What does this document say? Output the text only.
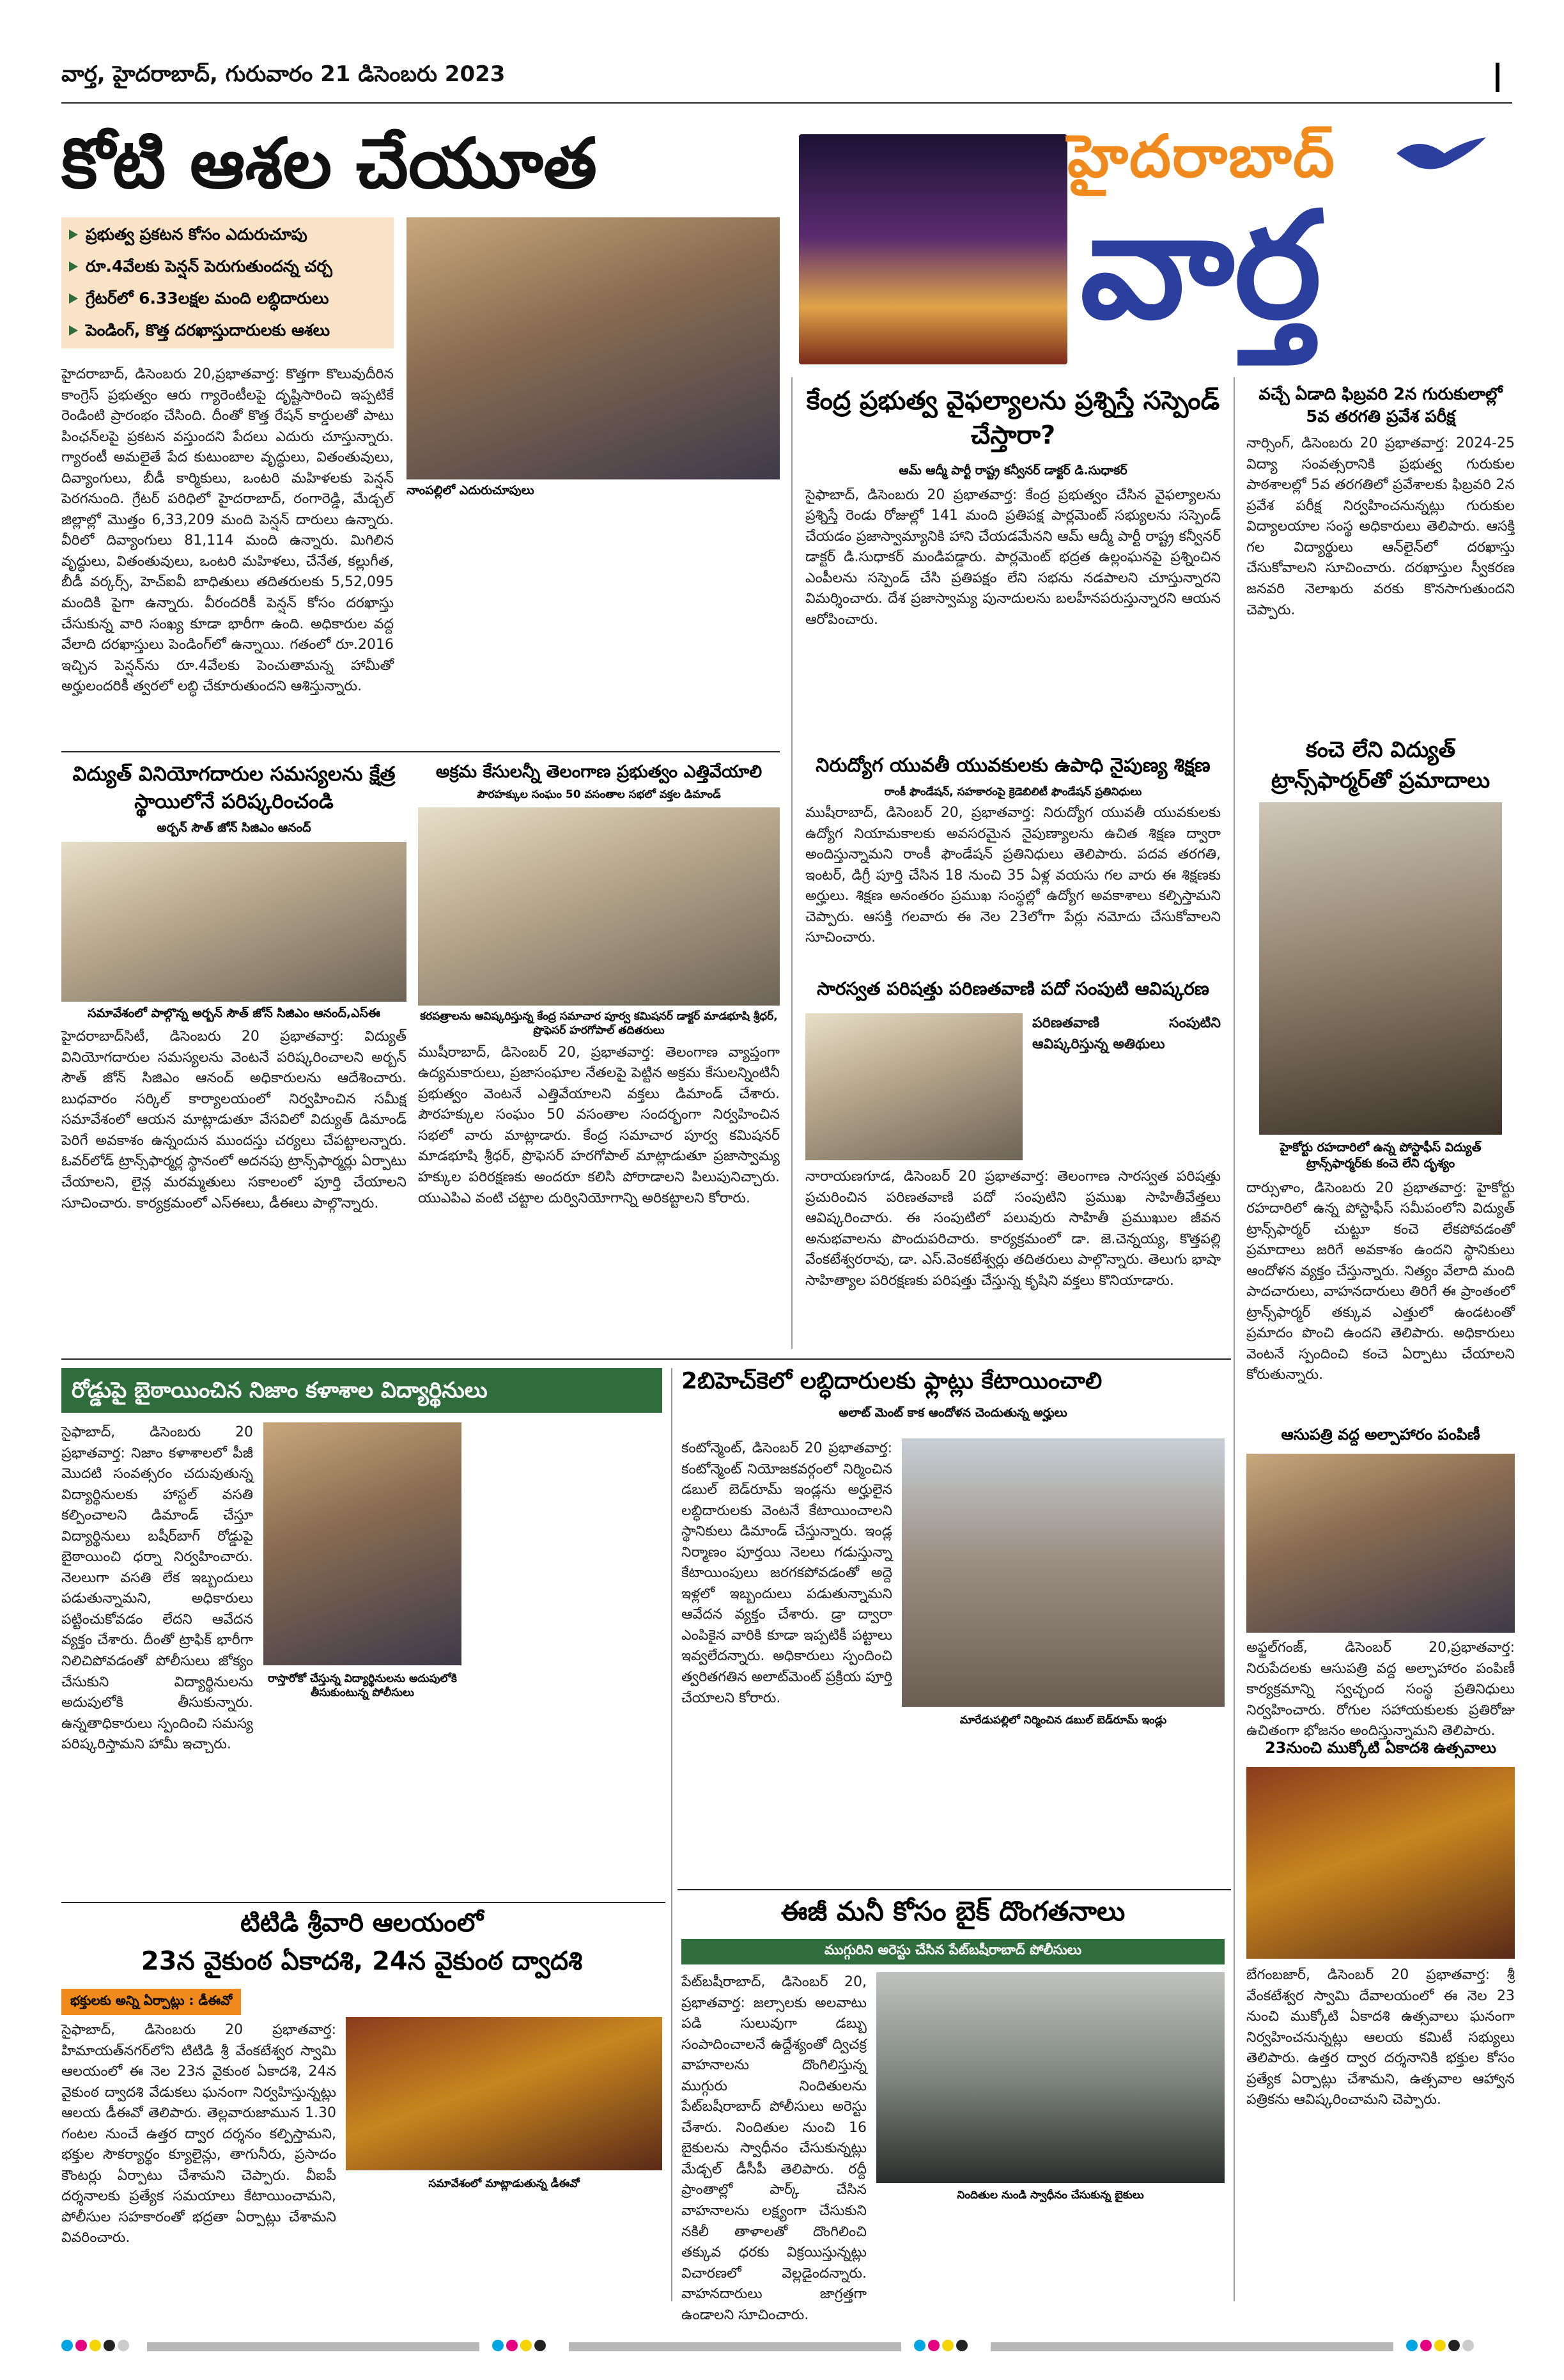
వార్త, హైదరాబాద్, గురువారం 21 డిసెంబరు 2023
హైదరాబాద్
వార్త
కోటి ఆశల చేయూత
ప్రభుత్వ ప్రకటన కోసం ఎదురుచూపు
రూ.4వేలకు పెన్షన్ పెరుగుతుందన్న చర్చ
గ్రేటర్‌లో 6.33లక్షల మంది లబ్ధిదారులు
పెండింగ్, కొత్త దరఖాస్తుదారులకు ఆశలు
నాంపల్లిలో ఎదురుచూపులు
హైదరాబాద్, డిసెంబరు 20,ప్రభాతవార్త: కొత్తగా కొలువుదీరిన కాంగ్రెస్ ప్రభుత్వం ఆరు గ్యారెంటీలపై దృష్టిసారించి ఇప్పటికే రెండింటి ప్రారంభం చేసింది. దీంతో కొత్త రేషన్ కార్డులతో పాటు పింఛన్‌లపై ప్రకటన వస్తుందని పేదలు ఎదురు చూస్తున్నారు. గ్యారంటీ అమలైతే పేద కుటుంబాల వృద్ధులు, వితంతువులు, దివ్యాంగులు, బీడీ కార్మికులు, ఒంటరి మహిళలకు పెన్షన్ పెరగనుంది. గ్రేటర్ పరిధిలో హైదరాబాద్, రంగారెడ్డి, మేడ్చల్ జిల్లాల్లో మొత్తం 6,33,209 మంది పెన్షన్ దారులు ఉన్నారు. వీరిలో దివ్యాంగులు 81,114 మంది ఉన్నారు. మిగిలిన వృద్ధులు, వితంతువులు, ఒంటరి మహిళలు, చేనేత, కల్లుగీత, బీడీ వర్కర్స్, హెచ్ఐవీ బాధితులు తదితరులకు 5,52,095 మందికి పైగా ఉన్నారు. వీరందరికీ పెన్షన్ కోసం దరఖాస్తు చేసుకున్న వారి సంఖ్య కూడా భారీగా ఉంది. అధికారుల వద్ద వేలాది దరఖాస్తులు పెండింగ్‌లో ఉన్నాయి. గతంలో రూ.2016 ఇచ్చిన పెన్షన్‌ను రూ.4వేలకు పెంచుతామన్న హామీతో అర్హులందరికీ త్వరలో లబ్ధి చేకూరుతుందని ఆశిస్తున్నారు.
కేంద్ర ప్రభుత్వ వైఫల్యాలను ప్రశ్నిస్తే సస్పెండ్ చేస్తారా?
ఆమ్ ఆద్మీ పార్టీ రాష్ట్ర కన్వీనర్ డాక్టర్ డి.సుధాకర్
సైఫాబాద్, డిసెంబరు 20 ప్రభాతవార్త: కేంద్ర ప్రభుత్వం చేసిన వైఫల్యాలను ప్రశ్నిస్తే రెండు రోజుల్లో 141 మంది ప్రతిపక్ష పార్లమెంట్ సభ్యులను సస్పెండ్ చేయడం ప్రజాస్వామ్యానికి హాని చేయడమేనని ఆమ్ ఆద్మీ పార్టీ రాష్ట్ర కన్వీనర్ డాక్టర్ డి.సుధాకర్ మండిపడ్డారు. పార్లమెంట్ భద్రత ఉల్లంఘనపై ప్రశ్నించిన ఎంపీలను సస్పెండ్ చేసి ప్రతిపక్షం లేని సభను నడపాలని చూస్తున్నారని విమర్శించారు. దేశ ప్రజాస్వామ్య పునాదులను బలహీనపరుస్తున్నారని ఆయన ఆరోపించారు.
నిరుద్యోగ యువతీ యువకులకు ఉపాధి నైపుణ్య శిక్షణ
రాంకీ ఫౌండేషన్, సహకారంపై క్రెడెబిలిటీ ఫౌండేషన్ ప్రతినిధులు
ముషీరాబాద్, డిసెంబర్ 20, ప్రభాతవార్త: నిరుద్యోగ యువతీ యువకులకు ఉద్యోగ నియామకాలకు అవసరమైన నైపుణ్యాలను ఉచిత శిక్షణ ద్వారా అందిస్తున్నామని రాంకీ ఫౌండేషన్ ప్రతినిధులు తెలిపారు. పదవ తరగతి, ఇంటర్, డిగ్రీ పూర్తి చేసిన 18 నుంచి 35 ఏళ్ల వయసు గల వారు ఈ శిక్షణకు అర్హులు. శిక్షణ అనంతరం ప్రముఖ సంస్థల్లో ఉద్యోగ అవకాశాలు కల్పిస్తామని చెప్పారు. ఆసక్తి గలవారు ఈ నెల 23లోగా పేర్లు నమోదు చేసుకోవాలని సూచించారు.
సారస్వత పరిషత్తు పరిణతవాణి పదో సంపుటి ఆవిష్కరణ
నారాయణగూడ, డిసెంబర్ 20 ప్రభాతవార్త: తెలంగాణ సారస్వత పరిషత్తు ప్రచురించిన పరిణతవాణి పదో సంపుటిని ప్రముఖ సాహితీవేత్తలు ఆవిష్కరించారు. ఈ సంపుటిలో పలువురు సాహితీ ప్రముఖుల జీవన అనుభవాలను పొందుపరిచారు. కార్యక్రమంలో డా. జె.చెన్నయ్య, కొత్తపల్లి వేంకటేశ్వరరావు, డా. ఎస్.వెంకటేశ్వర్లు తదితరులు పాల్గొన్నారు. తెలుగు భాషా సాహిత్యాల పరిరక్షణకు పరిషత్తు చేస్తున్న కృషిని వక్తలు కొనియాడారు.
పరిణతవాణి సంపుటిని ఆవిష్కరిస్తున్న అతిథులు
వచ్చే ఏడాది ఫిబ్రవరి 2న గురుకులాల్లో 5వ తరగతి ప్రవేశ పరీక్ష
నార్సింగ్, డిసెంబరు 20 ప్రభాతవార్త: 2024-25 విద్యా సంవత్సరానికి ప్రభుత్వ గురుకుల పాఠశాలల్లో 5వ తరగతిలో ప్రవేశాలకు ఫిబ్రవరి 2న ప్రవేశ పరీక్ష నిర్వహించనున్నట్లు గురుకుల విద్యాలయాల సంస్థ అధికారులు తెలిపారు. ఆసక్తి గల విద్యార్థులు ఆన్‌లైన్‌లో దరఖాస్తు చేసుకోవాలని సూచించారు. దరఖాస్తుల స్వీకరణ జనవరి నెలాఖరు వరకు కొనసాగుతుందని చెప్పారు.
కంచె లేని విద్యుత్ ట్రాన్స్‌ఫార్మర్‌తో ప్రమాదాలు
హైకోర్టు రహదారిలో ఉన్న పోస్టాఫీస్ విద్యుత్ ట్రాన్స్‌ఫార్మర్‌కు కంచె లేని దృశ్యం
దార్సుళాం, డిసెంబరు 20 ప్రభాతవార్త: హైకోర్టు రహదారిలో ఉన్న పోస్టాఫీస్ సమీపంలోని విద్యుత్ ట్రాన్స్‌ఫార్మర్ చుట్టూ కంచె లేకపోవడంతో ప్రమాదాలు జరిగే అవకాశం ఉందని స్థానికులు ఆందోళన వ్యక్తం చేస్తున్నారు. నిత్యం వేలాది మంది పాదచారులు, వాహనదారులు తిరిగే ఈ ప్రాంతంలో ట్రాన్స్‌ఫార్మర్ తక్కువ ఎత్తులో ఉండటంతో ప్రమాదం పొంచి ఉందని తెలిపారు. అధికారులు వెంటనే స్పందించి కంచె ఏర్పాటు చేయాలని కోరుతున్నారు.
ఆసుపత్రి వద్ద అల్పాహారం పంపిణీ
అఫ్జల్‌గంజ్, డిసెంబర్ 20,ప్రభాతవార్త: నిరుపేదలకు ఆసుపత్రి వద్ద అల్పాహారం పంపిణీ కార్యక్రమాన్ని స్వచ్ఛంద సంస్థ ప్రతినిధులు నిర్వహించారు. రోగుల సహాయకులకు ప్రతిరోజు ఉచితంగా భోజనం అందిస్తున్నామని తెలిపారు.
23నుంచి ముక్కోటి ఏకాదశి ఉత్సవాలు
బేగంబజార్, డిసెంబర్ 20 ప్రభాతవార్త: శ్రీ వేంకటేశ్వర స్వామి దేవాలయంలో ఈ నెల 23 నుంచి ముక్కోటి ఏకాదశి ఉత్సవాలు ఘనంగా నిర్వహించనున్నట్లు ఆలయ కమిటీ సభ్యులు తెలిపారు. ఉత్తర ద్వార దర్శనానికి భక్తుల కోసం ప్రత్యేక ఏర్పాట్లు చేశామని, ఉత్సవాల ఆహ్వాన పత్రికను ఆవిష్కరించామని చెప్పారు.
విద్యుత్ వినియోగదారుల సమస్యలను క్షేత్ర స్థాయిలోనే పరిష్కరించండి
అర్బన్ సౌత్ జోన్ సిజిఎం ఆనంద్
సమావేశంలో పాల్గొన్న అర్బన్ సౌత్ జోన్ సిజిఎం ఆనంద్,ఎస్ఈ
హైదరాబాద్‌సిటీ, డిసెంబరు 20 ప్రభాతవార్త: విద్యుత్ వినియోగదారుల సమస్యలను వెంటనే పరిష్కరించాలని అర్బన్ సౌత్ జోన్ సిజిఎం ఆనంద్ అధికారులను ఆదేశించారు. బుధవారం సర్కిల్ కార్యాలయంలో నిర్వహించిన సమీక్ష సమావేశంలో ఆయన మాట్లాడుతూ వేసవిలో విద్యుత్ డిమాండ్ పెరిగే అవకాశం ఉన్నందున ముందస్తు చర్యలు చేపట్టాలన్నారు. ఓవర్‌లోడ్ ట్రాన్స్‌ఫార్మర్ల స్థానంలో అదనపు ట్రాన్స్‌ఫార్మర్లు ఏర్పాటు చేయాలని, లైన్ల మరమ్మతులు సకాలంలో పూర్తి చేయాలని సూచించారు. కార్యక్రమంలో ఎస్ఈలు, డీఈలు పాల్గొన్నారు.
అక్రమ కేసులన్నీ తెలంగాణ ప్రభుత్వం ఎత్తివేయాలి
పౌరహక్కుల సంఘం 50 వసంతాల సభలో వక్తల డిమాండ్
కరపత్రాలను ఆవిష్కరిస్తున్న కేంద్ర సమాచార పూర్వ కమిషనర్ డాక్టర్ మాడభూషి శ్రీధర్, ప్రొఫెసర్ హరగోపాల్ తదితరులు
ముషీరాబాద్, డిసెంబర్ 20, ప్రభాతవార్త: తెలంగాణ వ్యాప్తంగా ఉద్యమకారులు, ప్రజాసంఘాల నేతలపై పెట్టిన అక్రమ కేసులన్నింటినీ ప్రభుత్వం వెంటనే ఎత్తివేయాలని వక్తలు డిమాండ్ చేశారు. పౌరహక్కుల సంఘం 50 వసంతాల సందర్భంగా నిర్వహించిన సభలో వారు మాట్లాడారు. కేంద్ర సమాచార పూర్వ కమిషనర్ మాడభూషి శ్రీధర్, ప్రొఫెసర్ హరగోపాల్ మాట్లాడుతూ ప్రజాస్వామ్య హక్కుల పరిరక్షణకు అందరూ కలిసి పోరాడాలని పిలుపునిచ్చారు. యుఎపిఎ వంటి చట్టాల దుర్వినియోగాన్ని అరికట్టాలని కోరారు.
రోడ్డుపై బైఠాయించిన నిజాం కళాశాల విద్యార్థినులు
సైఫాబాద్, డిసెంబరు 20 ప్రభాతవార్త: నిజాం కళాశాలలో పీజీ మొదటి సంవత్సరం చదువుతున్న విద్యార్థినులకు హాస్టల్ వసతి కల్పించాలని డిమాండ్ చేస్తూ విద్యార్థినులు బషీర్‌బాగ్ రోడ్డుపై బైఠాయించి ధర్నా నిర్వహించారు. నెలలుగా వసతి లేక ఇబ్బందులు పడుతున్నామని, అధికారులు పట్టించుకోవడం లేదని ఆవేదన వ్యక్తం చేశారు. దీంతో ట్రాఫిక్ భారీగా నిలిచిపోవడంతో పోలీసులు జోక్యం చేసుకుని విద్యార్థినులను అదుపులోకి తీసుకున్నారు. ఉన్నతాధికారులు స్పందించి సమస్య పరిష్కరిస్తామని హామీ ఇచ్చారు.
రాస్తారోకో చేస్తున్న విద్యార్థినులను అదుపులోకి తీసుకుంటున్న పోలీసులు
2బిహెచ్‌కెలో లబ్ధిదారులకు ఫ్లాట్లు కేటాయించాలి
అలాట్ మెంట్ కాక ఆందోళన చెందుతున్న అర్హులు
కంటోన్మెంట్, డిసెంబర్ 20 ప్రభాతవార్త: కంటోన్మెంట్ నియోజకవర్గంలో నిర్మించిన డబుల్ బెడ్‌రూమ్ ఇండ్లను అర్హులైన లబ్ధిదారులకు వెంటనే కేటాయించాలని స్థానికులు డిమాండ్ చేస్తున్నారు. ఇండ్ల నిర్మాణం పూర్తయి నెలలు గడుస్తున్నా కేటాయింపులు జరగకపోవడంతో అద్దె ఇళ్లలో ఇబ్బందులు పడుతున్నామని ఆవేదన వ్యక్తం చేశారు. డ్రా ద్వారా ఎంపికైన వారికి కూడా ఇప్పటికీ పట్టాలు ఇవ్వలేదన్నారు. అధికారులు స్పందించి త్వరితగతిన అలాట్‌మెంట్ ప్రక్రియ పూర్తి చేయాలని కోరారు.
మారేడుపల్లిలో నిర్మించిన డబుల్ బెడ్‌రూమ్ ఇండ్లు
టిటిడి శ్రీవారి ఆలయంలో
23న వైకుంఠ ఏకాదశి, 24న వైకుంఠ ద్వాదశి
భక్తులకు అన్ని ఏర్పాట్లు : డీఈవో
సైఫాబాద్, డిసెంబరు 20 ప్రభాతవార్త: హిమాయత్‌నగర్‌లోని టిటిడి శ్రీ వేంకటేశ్వర స్వామి ఆలయంలో ఈ నెల 23న వైకుంఠ ఏకాదశి, 24న వైకుంఠ ద్వాదశి వేడుకలు ఘనంగా నిర్వహిస్తున్నట్లు ఆలయ డీఈవో తెలిపారు. తెల్లవారుజామున 1.30 గంటల నుంచే ఉత్తర ద్వార దర్శనం కల్పిస్తామని, భక్తుల సౌకర్యార్థం క్యూలైన్లు, తాగునీరు, ప్రసాదం కౌంటర్లు ఏర్పాటు చేశామని చెప్పారు. వీఐపీ దర్శనాలకు ప్రత్యేక సమయాలు కేటాయించామని, పోలీసుల సహకారంతో భద్రతా ఏర్పాట్లు చేశామని వివరించారు.
సమావేశంలో మాట్లాడుతున్న డీఈవో
ఈజీ మనీ కోసం బైక్ దొంగతనాలు
ముగ్గురిని అరెస్టు చేసిన పేట్‌బషీరాబాద్ పోలీసులు
పేట్‌బషీరాబాద్, డిసెంబర్ 20, ప్రభాతవార్త: జల్సాలకు అలవాటు పడి సులువుగా డబ్బు సంపాదించాలనే ఉద్దేశ్యంతో ద్విచక్ర వాహనాలను దొంగిలిస్తున్న ముగ్గురు నిందితులను పేట్‌బషీరాబాద్ పోలీసులు అరెస్టు చేశారు. నిందితుల నుంచి 16 బైకులను స్వాధీనం చేసుకున్నట్లు మేడ్చల్ డీసీపీ తెలిపారు. రద్దీ ప్రాంతాల్లో పార్క్ చేసిన వాహనాలను లక్ష్యంగా చేసుకుని నకిలీ తాళాలతో దొంగిలించి తక్కువ ధరకు విక్రయిస్తున్నట్లు విచారణలో వెల్లడైందన్నారు. వాహనదారులు జాగ్రత్తగా ఉండాలని సూచించారు.
నిందితుల నుండి స్వాధీనం చేసుకున్న బైకులు
